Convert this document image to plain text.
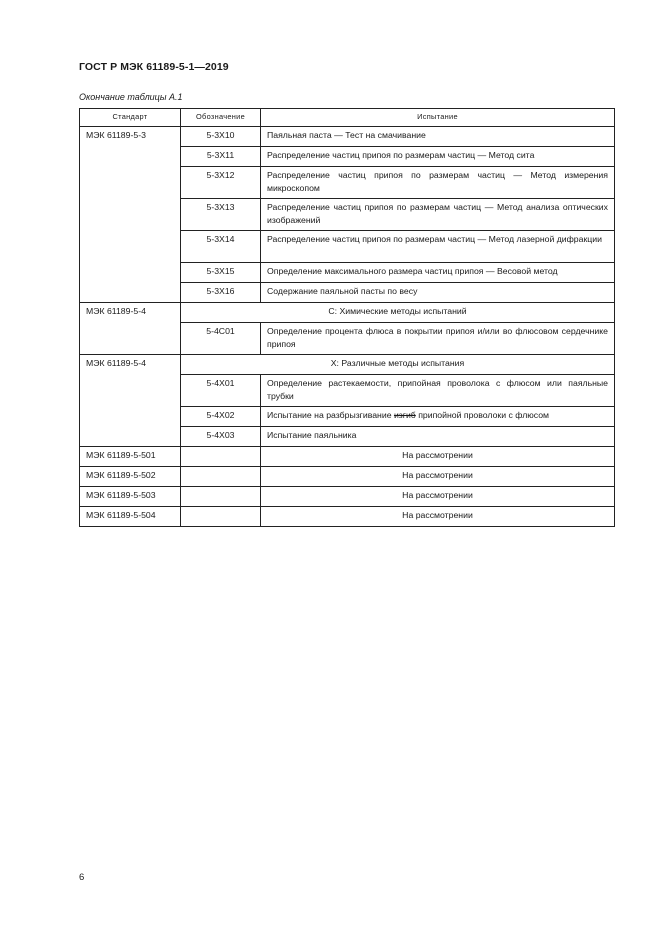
ГОСТ Р МЭК 61189-5-1—2019
Окончание таблицы А.1
Стандарт	Обозначение	Испытание
МЭК 61189-5-3	5-3X10	Паяльная паста — Тест на смачивание
	5-3X11	Распределение частиц припоя по размерам частиц — Метод сита
	5-3X12	Распределение частиц припоя по размерам частиц — Метод измерения микроскопом
	5-3X13	Распределение частиц припоя по размерам частиц — Метод анализа оптических изображений
	5-3X14	Распределение частиц припоя по размерам частиц — Метод лазерной дифракции
	5-3X15	Определение максимального размера частиц припоя — Весовой метод
	5-3X16	Содержание паяльной пасты по весу
МЭК 61189-5-4	С: Химические методы испытаний	
	5-4C01	Определение процента флюса в покрытии припоя и/или во флюсовом сердечнике припоя
МЭК 61189-5-4	X: Различные методы испытания	
	5-4X01	Определение растекаемости, припойная проволока с флюсом или паяльные трубки
	5-4X02	Испытание на разбрызгивание изгиб припойной проволоки с флюсом
	5-4X03	Испытание паяльника
МЭК 61189-5-501		На рассмотрении
МЭК 61189-5-502		На рассмотрении
МЭК 61189-5-503		На рассмотрении
МЭК 61189-5-504		На рассмотрении
6
